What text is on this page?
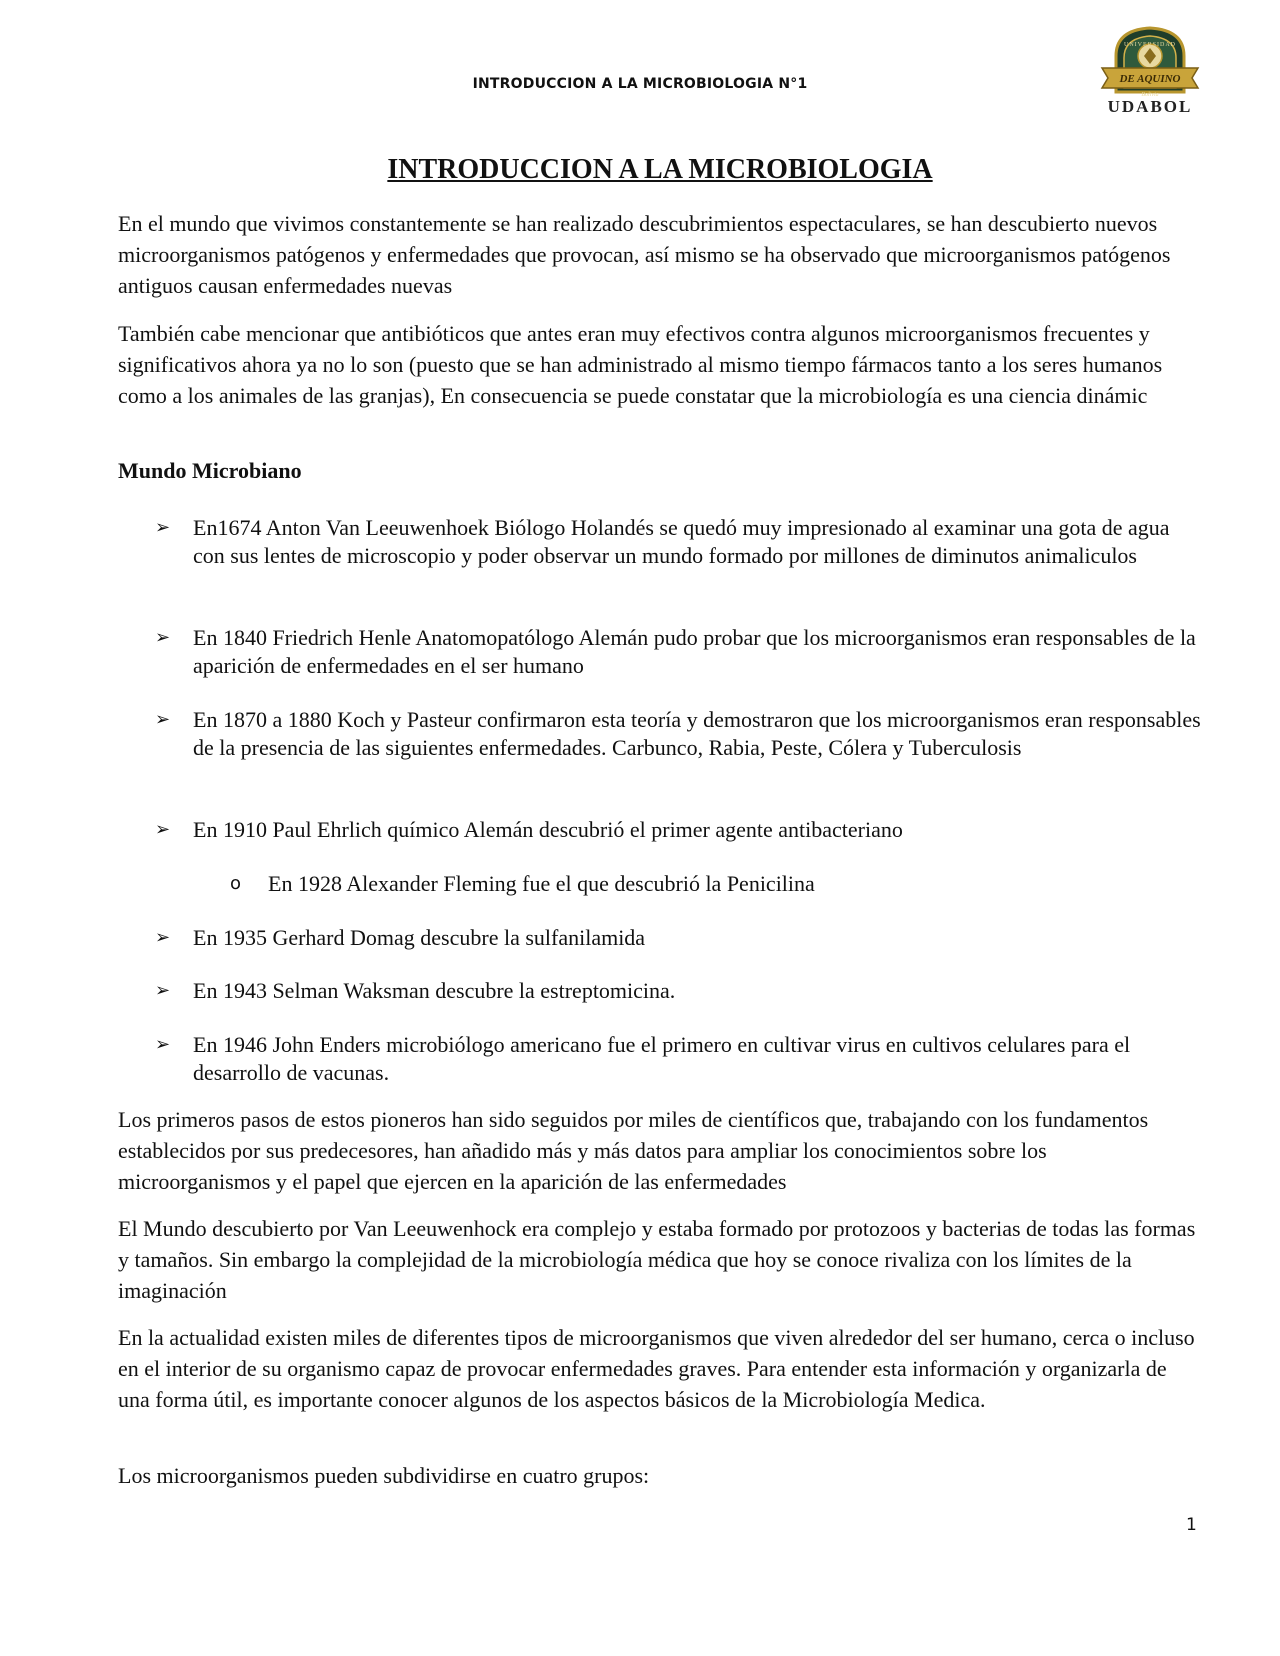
INTRODUCCION A LA MICROBIOLOGIA N°1	DE AQUINO
UNIVERSIDAD
Bolivia
UDABOL
INTRODUCCION A LA MICROBIOLOGIA

En el mundo que vivimos constantemente se han realizado descubrimientos espectaculares, se han descubierto nuevos microorganismos patógenos y enfermedades que provocan, así mismo se ha observado que microorganismos patógenos antiguos causan enfermedades nuevas

También cabe mencionar que antibióticos que antes eran muy efectivos contra algunos microorganismos frecuentes y significativos ahora ya no lo son (puesto que se han administrado al mismo tiempo fármacos tanto a los seres humanos como a los animales de las granjas), En consecuencia se puede constatar que la microbiología es una ciencia dinámic

Mundo Microbiano
➢ En1674 Anton Van Leeuwenhoek Biólogo Holandés se quedó muy impresionado al examinar una gota de agua con sus lentes de microscopio y poder observar un mundo formado por millones de diminutos animaliculos
➢ En 1840 Friedrich Henle Anatomopatólogo Alemán pudo probar que los microorganismos eran responsables de la aparición de enfermedades en el ser humano
➢ En 1870 a 1880 Koch y Pasteur confirmaron esta teoría y demostraron que los microorganismos eran responsables de la presencia de las siguientes enfermedades. Carbunco, Rabia, Peste, Cólera y Tuberculosis
➢ En 1910 Paul Ehrlich químico Alemán descubrió el primer agente antibacteriano
o En 1928 Alexander Fleming fue el que descubrió la Penicilina
➢ En 1935 Gerhard Domag descubre la sulfanilamida
➢ En 1943 Selman Waksman descubre la estreptomicina.
➢ En 1946 John Enders microbiólogo americano fue el primero en cultivar virus en cultivos celulares para el desarrollo de vacunas.

Los primeros pasos de estos pioneros han sido seguidos por miles de científicos que, trabajando con los fundamentos establecidos por sus predecesores, han añadido más y más datos para ampliar los conocimientos sobre los microorganismos y el papel que ejercen en la aparición de las enfermedades

El Mundo descubierto por Van Leeuwenhock era complejo y estaba formado por protozoos y bacterias de todas las formas y tamaños. Sin embargo la complejidad de la microbiología médica que hoy se conoce rivaliza con los límites de la imaginación

En la actualidad existen miles de diferentes tipos de microorganismos que viven alrededor del ser humano, cerca o incluso en el interior de su organismo capaz de provocar enfermedades graves. Para entender esta información y organizarla de una forma útil, es importante conocer algunos de los aspectos básicos de la Microbiología Medica.

Los microorganismos pueden subdividirse en cuatro grupos:

1
